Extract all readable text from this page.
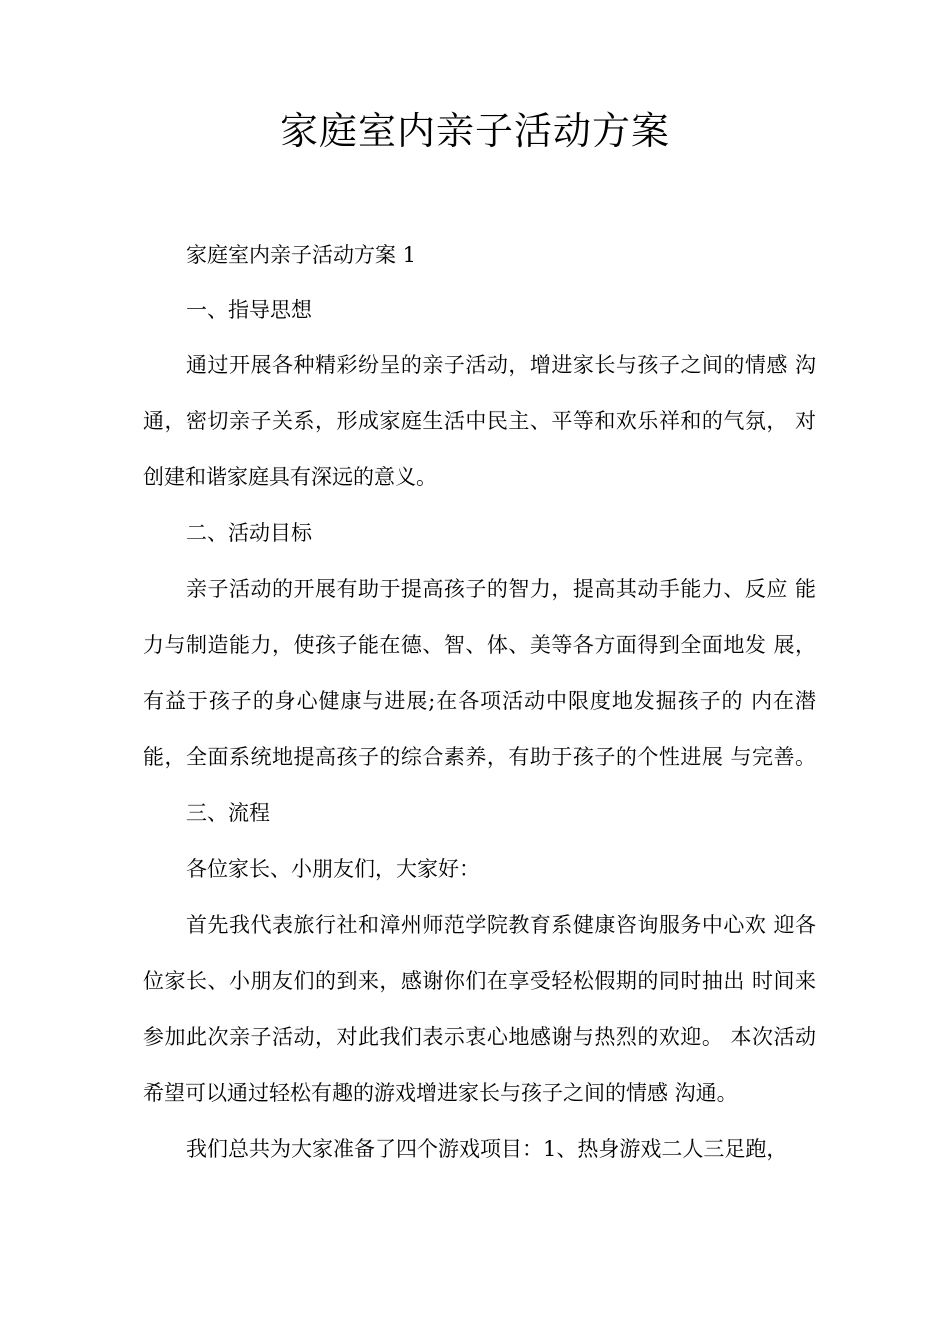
家庭室内亲子活动方案
家庭室内亲子活动方案 1
一、指导思想
通过开展各种精彩纷呈的亲子活动，增进家长与孩子之间的情感 沟
通，密切亲子关系，形成家庭生活中民主、平等和欢乐祥和的气氛， 对
创建和谐家庭具有深远的意义。
二、活动目标
亲子活动的开展有助于提高孩子的智力，提高其动手能力、反应 能
力与制造能力，使孩子能在德、智、体、美等各方面得到全面地发 展，
有益于孩子的身心健康与进展;在各项活动中限度地发掘孩子的 内在潜
能，全面系统地提高孩子的综合素养，有助于孩子的个性进展 与完善。
三、流程
各位家长、小朋友们，大家好：
首先我代表旅行社和漳州师范学院教育系健康咨询服务中心欢 迎各
位家长、小朋友们的到来，感谢你们在享受轻松假期的同时抽出 时间来
参加此次亲子活动，对此我们表示衷心地感谢与热烈的欢迎。 本次活动
希望可以通过轻松有趣的游戏增进家长与孩子之间的情感 沟通。
我们总共为大家准备了四个游戏项目：1、热身游戏二人三足跑，
